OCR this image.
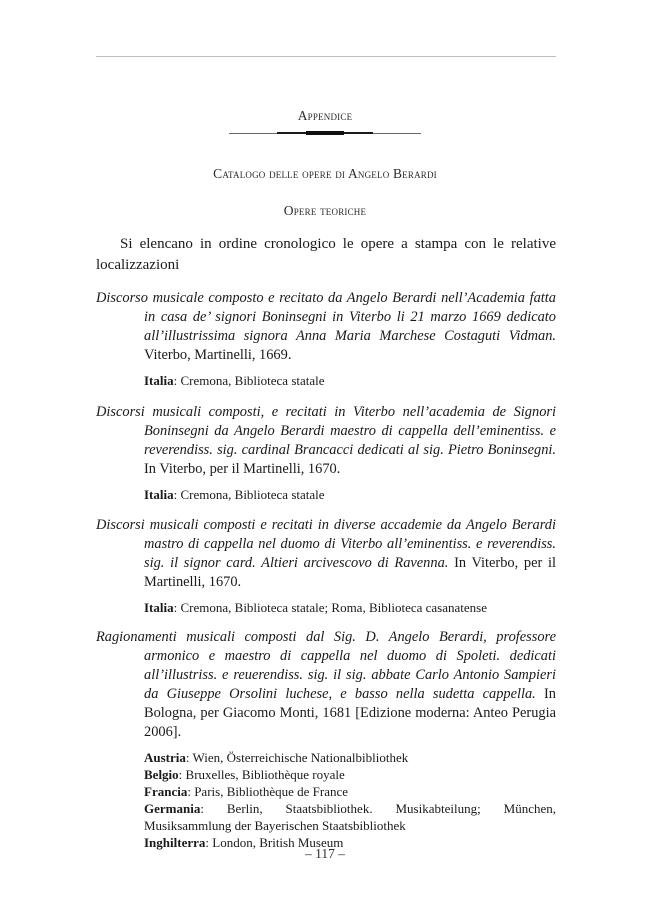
Appendice
Catalogo delle opere di Angelo Berardi
Opere teoriche

Si elencano in ordine cronologico le opere a stampa con le relative localizzazioni

Discorso musicale composto e recitato da Angelo Berardi nell’Academia fatta in casa de’ signori Boninsegni in Viterbo li 21 marzo 1669 dedicato all’illustrissima signora Anna Maria Marchese Costaguti Vidman. Viterbo, Martinelli, 1669.

Italia: Cremona, Biblioteca statale

Discorsi musicali composti, e recitati in Viterbo nell’academia de Signori Boninsegni da Angelo Berardi maestro di cappella dell’eminentiss. e reverendiss. sig. cardinal Brancacci dedicati al sig. Pietro Boninsegni. In Viterbo, per il Martinelli, 1670.

Italia: Cremona, Biblioteca statale

Discorsi musicali composti e recitati in diverse accademie da Angelo Berardi mastro di cappella nel duomo di Viterbo all’eminentiss. e reverendiss. sig. il signor card. Altieri arcivescovo di Ravenna. In Viterbo, per il Martinelli, 1670.

Italia: Cremona, Biblioteca statale; Roma, Biblioteca casanatense

Ragionamenti musicali composti dal Sig. D. Angelo Berardi, professore armonico e maestro di cappella nel duomo di Spoleti. dedicati all’illustriss. e reuerendiss. sig. il sig. abbate Carlo Antonio Sampieri da Giuseppe Orsolini luchese, e basso nella sudetta cappella. In Bologna, per Giacomo Monti, 1681 [Edizione moderna: Anteo Perugia 2006].

Austria: Wien, Österreichische Nationalbibliothek
Belgio: Bruxelles, Bibliothèque royale
Francia: Paris, Bibliothèque de France
Germania: Berlin, Staatsbibliothek. Musikabteilung; München, Musiksammlung der Bayerischen Staatsbibliothek
Inghilterra: London, British Museum
– 117 –
